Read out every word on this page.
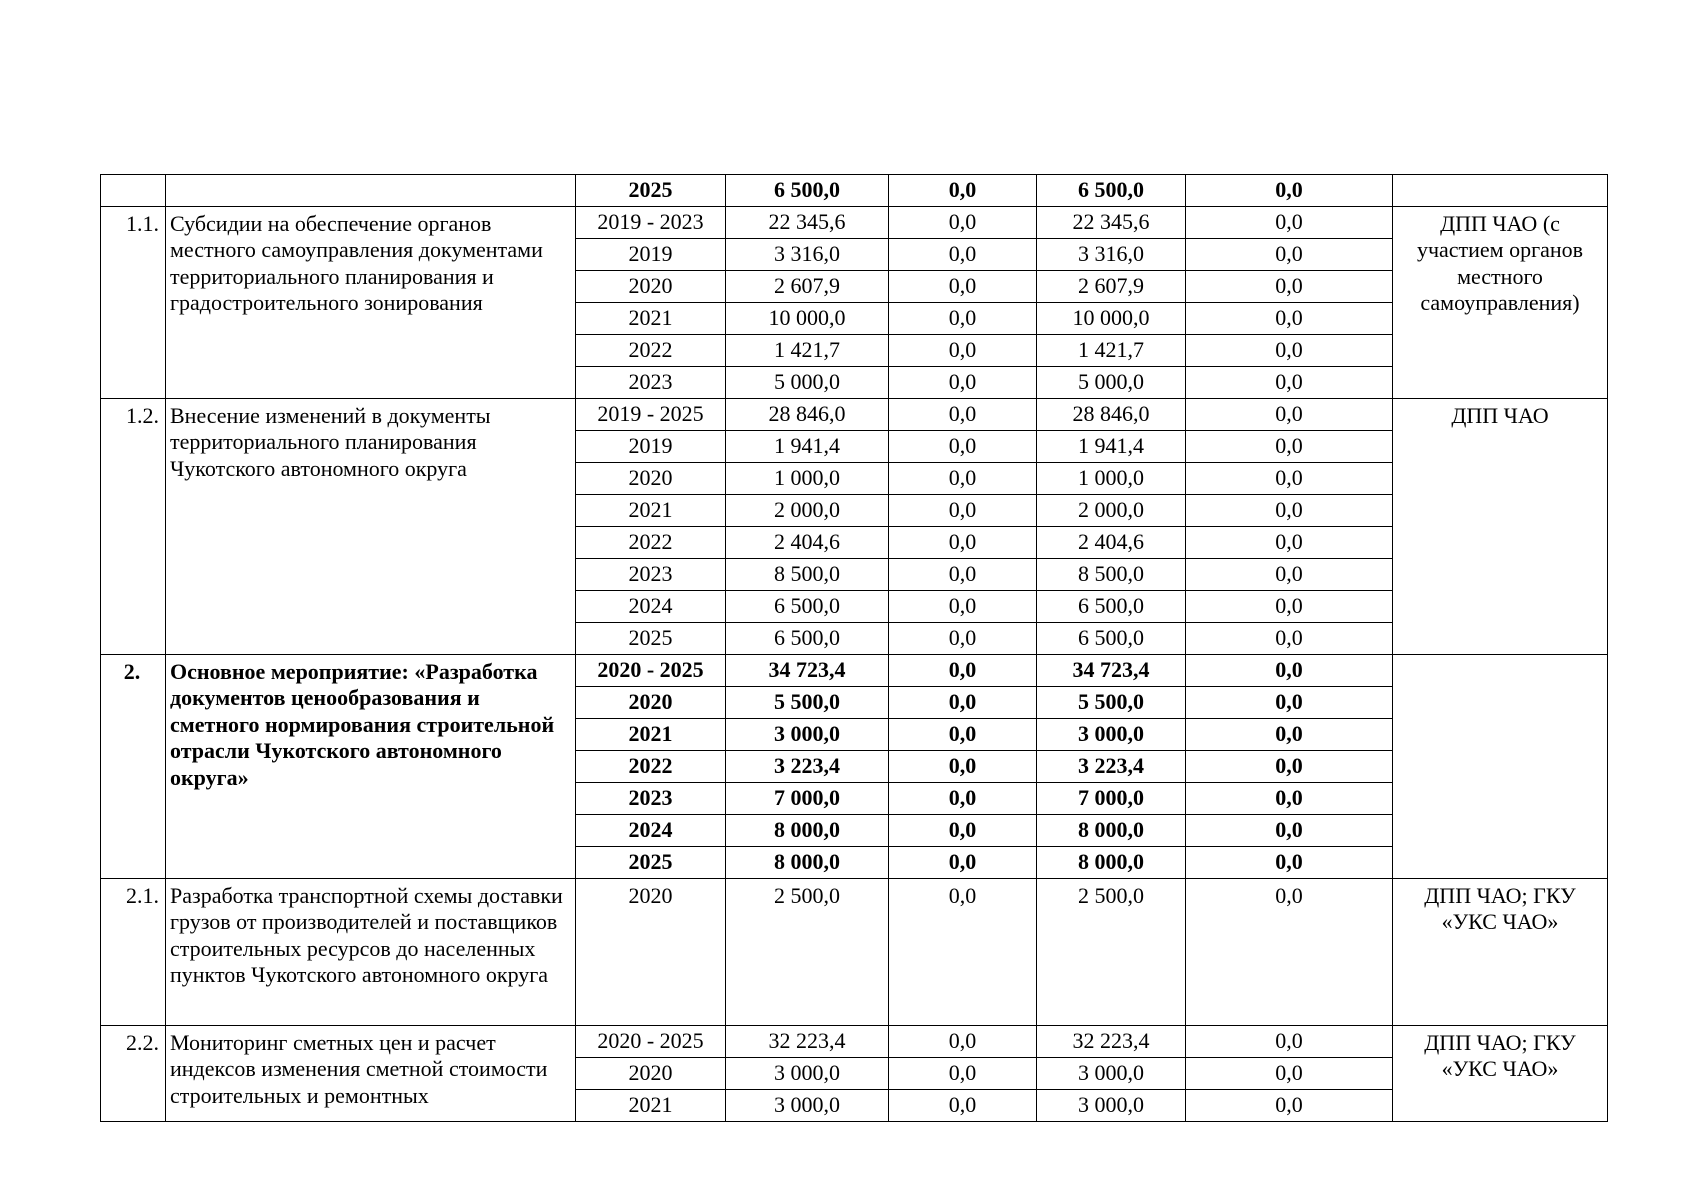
		2025	6 500,0	0,0	6 500,0	0,0	
1.1.	Субсидии на обеспечение органов местного самоуправления документами территориального планирования и градостроительного зонирования	2019 - 2023	22 345,6	0,0	22 345,6	0,0	ДПП ЧАО (с участием органов местного самоуправления)
		2019	3 316,0	0,0	3 316,0	0,0	
		2020	2 607,9	0,0	2 607,9	0,0	
		2021	10 000,0	0,0	10 000,0	0,0	
		2022	1 421,7	0,0	1 421,7	0,0	
		2023	5 000,0	0,0	5 000,0	0,0	
1.2.	Внесение изменений в документы территориального планирования Чукотского автономного округа	2019 - 2025	28 846,0	0,0	28 846,0	0,0	ДПП ЧАО
		2019	1 941,4	0,0	1 941,4	0,0	
		2020	1 000,0	0,0	1 000,0	0,0	
		2021	2 000,0	0,0	2 000,0	0,0	
		2022	2 404,6	0,0	2 404,6	0,0	
		2023	8 500,0	0,0	8 500,0	0,0	
		2024	6 500,0	0,0	6 500,0	0,0	
		2025	6 500,0	0,0	6 500,0	0,0	
2.	Основное мероприятие: «Разработка документов ценообразования и сметного нормирования строительной отрасли Чукотского автономного округа»	2020 - 2025	34 723,4	0,0	34 723,4	0,0	
		2020	5 500,0	0,0	5 500,0	0,0	
		2021	3 000,0	0,0	3 000,0	0,0	
		2022	3 223,4	0,0	3 223,4	0,0	
		2023	7 000,0	0,0	7 000,0	0,0	
		2024	8 000,0	0,0	8 000,0	0,0	
		2025	8 000,0	0,0	8 000,0	0,0	
2.1.	Разработка транспортной схемы доставки грузов от производителей и поставщиков строительных ресурсов до населенных пунктов Чукотского автономного округа	2020	2 500,0	0,0	2 500,0	0,0	ДПП ЧАО; ГКУ «УКС ЧАО»
2.2.	Мониторинг сметных цен и расчет индексов изменения сметной стоимости строительных и ремонтных	2020 - 2025	32 223,4	0,0	32 223,4	0,0	ДПП ЧАО; ГКУ «УКС ЧАО»
		2020	3 000,0	0,0	3 000,0	0,0	
		2021	3 000,0	0,0	3 000,0	0,0	
